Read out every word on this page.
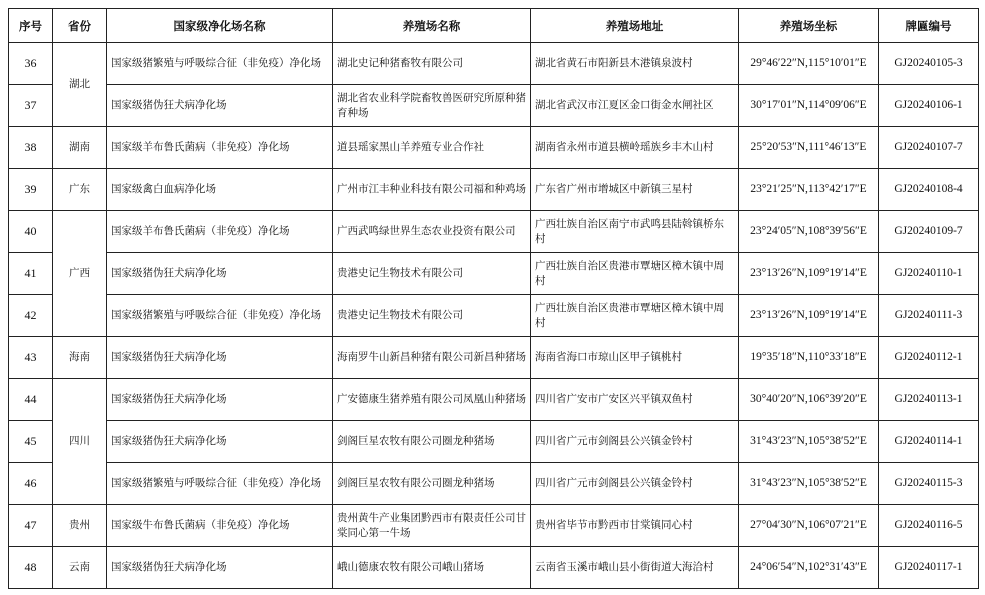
序号	省份	国家级净化场名称	养殖场名称	养殖场地址	养殖场坐标	牌匾编号
36	湖北	国家级猪繁殖与呼吸综合征（非免疫）净化场	湖北史记种猪畜牧有限公司	湖北省黄石市阳新县木港镇泉波村	29°46′22″N,115°10′01″E	GJ20240105-3
37		国家级猪伪狂犬病净化场	湖北省农业科学院畜牧兽医研究所原种猪育种场	湖北省武汉市江夏区金口街金水闸社区	30°17′01″N,114°09′06″E	GJ20240106-1
38	湖南	国家级羊布鲁氏菌病（非免疫）净化场	道县瑶家黑山羊养殖专业合作社	湖南省永州市道县横岭瑶族乡丰木山村	25°20′53″N,111°46′13″E	GJ20240107-7
39	广东	国家级禽白血病净化场	广州市江丰种业科技有限公司福和种鸡场	广东省广州市增城区中新镇三星村	23°21′25″N,113°42′17″E	GJ20240108-4
40	广西	国家级羊布鲁氏菌病（非免疫）净化场	广西武鸣绿世界生态农业投资有限公司	广西壮族自治区南宁市武鸣县陆斡镇桥东村	23°24′05″N,108°39′56″E	GJ20240109-7
41		国家级猪伪狂犬病净化场	贵港史记生物技术有限公司	广西壮族自治区贵港市覃塘区樟木镇中周村	23°13′26″N,109°19′14″E	GJ20240110-1
42		国家级猪繁殖与呼吸综合征（非免疫）净化场	贵港史记生物技术有限公司	广西壮族自治区贵港市覃塘区樟木镇中周村	23°13′26″N,109°19′14″E	GJ20240111-3
43	海南	国家级猪伪狂犬病净化场	海南罗牛山新昌种猪有限公司新昌种猪场	海南省海口市琼山区甲子镇桃村	19°35′18″N,110°33′18″E	GJ20240112-1
44	四川	国家级猪伪狂犬病净化场	广安德康生猪养殖有限公司凤凰山种猪场	四川省广安市广安区兴平镇双鱼村	30°40′20″N,106°39′20″E	GJ20240113-1
45		国家级猪伪狂犬病净化场	剑阁巨星农牧有限公司圈龙种猪场	四川省广元市剑阁县公兴镇金铃村	31°43′23″N,105°38′52″E	GJ20240114-1
46		国家级猪繁殖与呼吸综合征（非免疫）净化场	剑阁巨星农牧有限公司圈龙种猪场	四川省广元市剑阁县公兴镇金铃村	31°43′23″N,105°38′52″E	GJ20240115-3
47	贵州	国家级牛布鲁氏菌病（非免疫）净化场	贵州黄牛产业集团黔西市有限责任公司甘棠同心第一牛场	贵州省毕节市黔西市甘棠镇同心村	27°04′30″N,106°07′21″E	GJ20240116-5
48	云南	国家级猪伪狂犬病净化场	峨山德康农牧有限公司峨山猪场	云南省玉溪市峨山县小街街道大海洽村	24°06′54″N,102°31′43″E	GJ20240117-1
